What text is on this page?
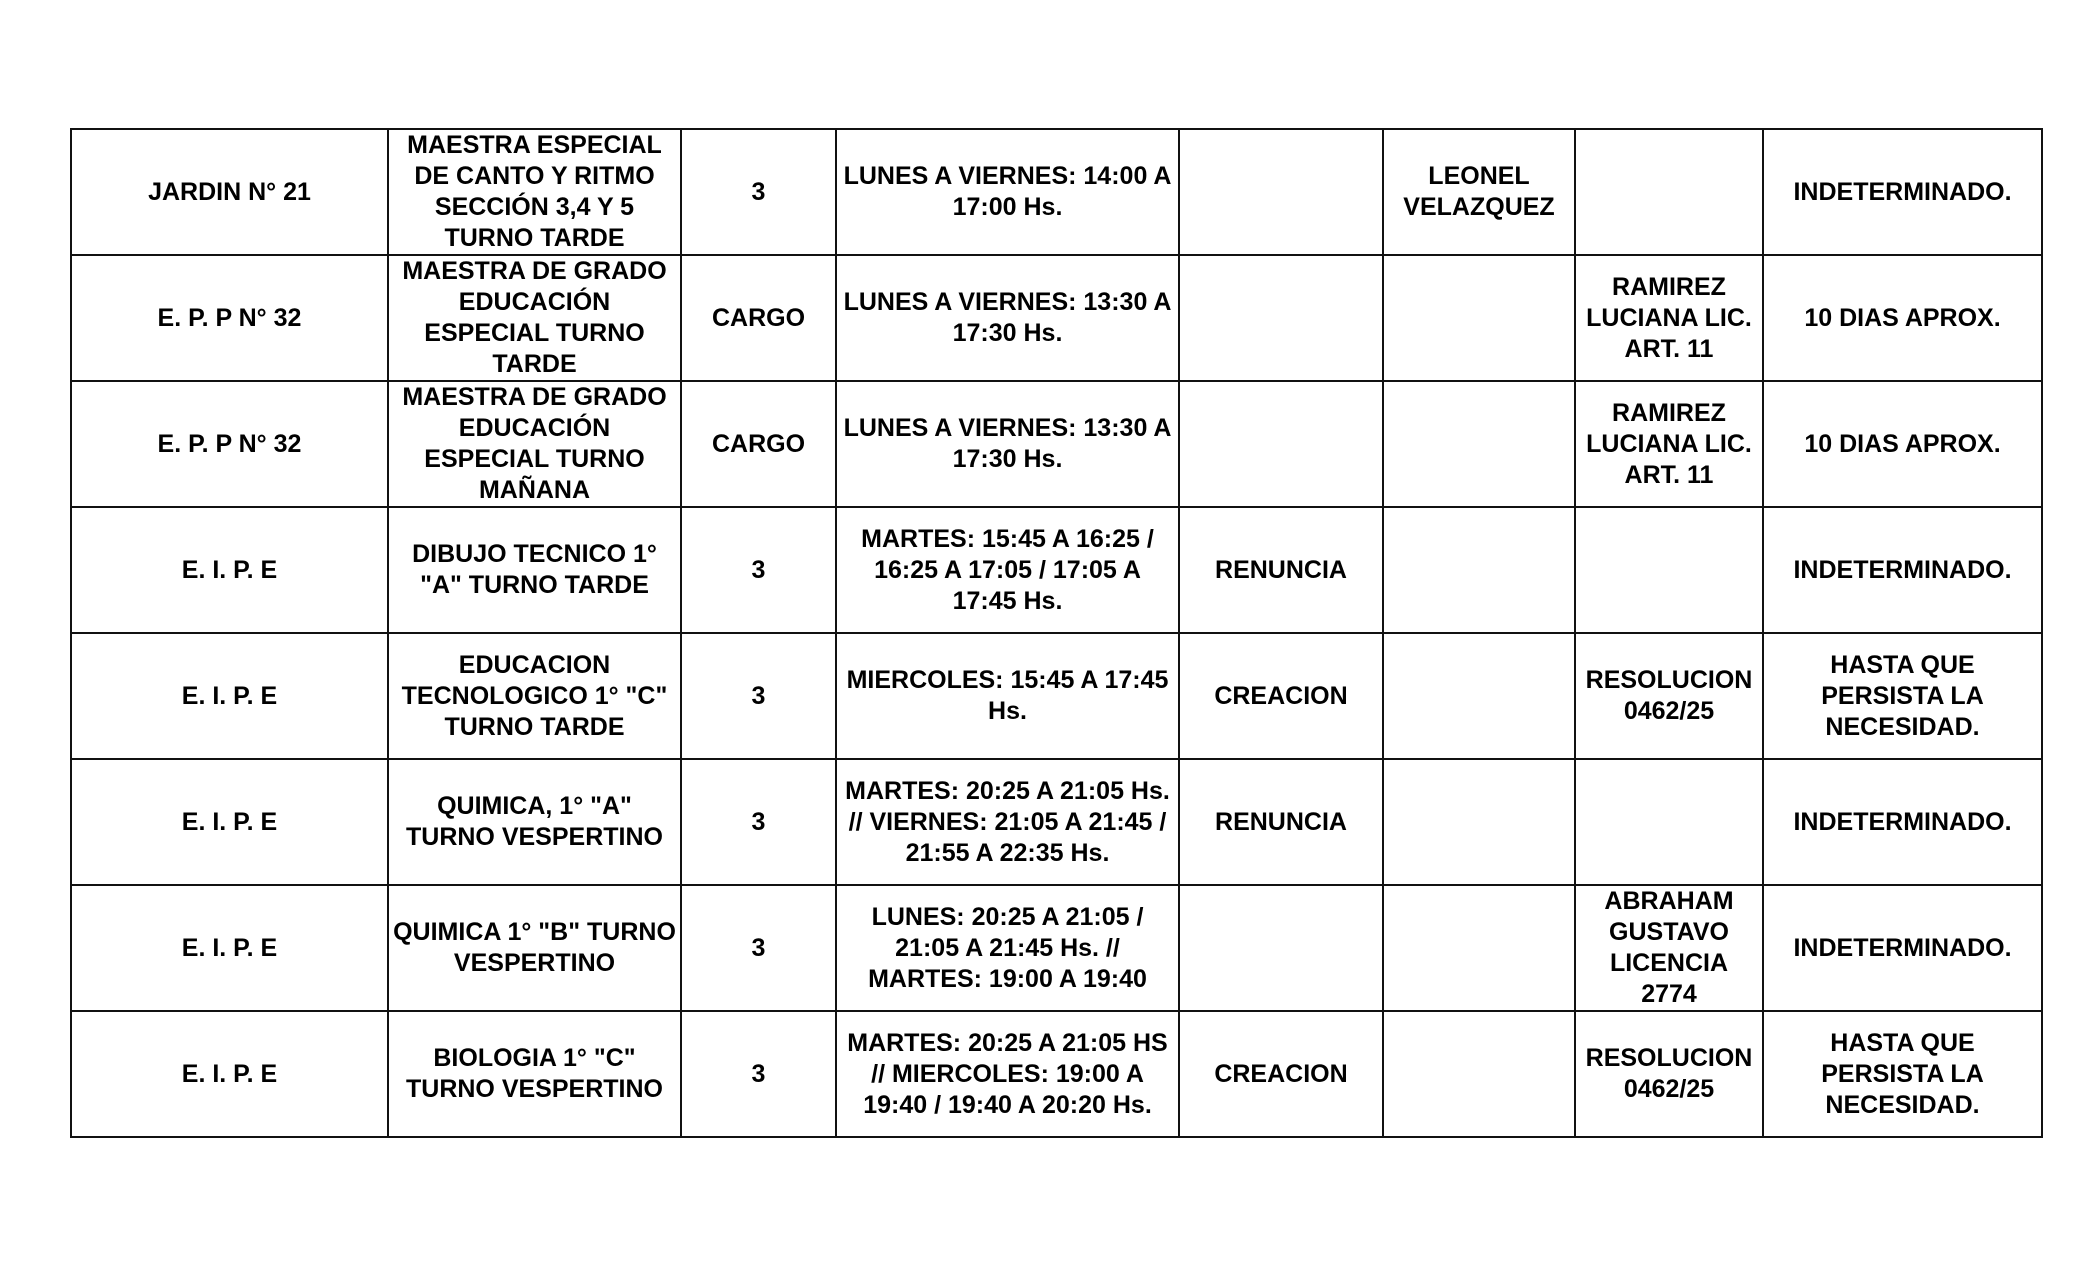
JARDIN N° 21	MAESTRA ESPECIAL DE CANTO Y RITMO SECCIÓN 3,4 Y 5 TURNO TARDE	3	LUNES A VIERNES: 14:00 A 17:00 Hs.		LEONEL VELAZQUEZ		INDETERMINADO.
E. P. P N° 32	MAESTRA DE GRADO EDUCACIÓN ESPECIAL TURNO TARDE	CARGO	LUNES A VIERNES: 13:30 A 17:30 Hs.			RAMIREZ LUCIANA LIC. ART. 11	10 DIAS APROX.
E. P. P N° 32	MAESTRA DE GRADO EDUCACIÓN ESPECIAL TURNO MAÑANA	CARGO	LUNES A VIERNES: 13:30 A 17:30 Hs.			RAMIREZ LUCIANA LIC. ART. 11	10 DIAS APROX.
E. I. P. E	DIBUJO TECNICO 1° "A" TURNO TARDE	3	MARTES: 15:45 A 16:25 / 16:25 A 17:05 / 17:05 A 17:45 Hs.	RENUNCIA			INDETERMINADO.
E. I. P. E	EDUCACION TECNOLOGICO 1° "C" TURNO TARDE	3	MIERCOLES: 15:45 A 17:45 Hs.	CREACION		RESOLUCION 0462/25	HASTA QUE PERSISTA LA NECESIDAD.
E. I. P. E	QUIMICA, 1° "A" TURNO VESPERTINO	3	MARTES: 20:25 A 21:05 Hs. // VIERNES: 21:05 A 21:45 / 21:55 A 22:35 Hs.	RENUNCIA			INDETERMINADO.
E. I. P. E	QUIMICA 1° "B" TURNO VESPERTINO	3	LUNES: 20:25 A 21:05 / 21:05 A 21:45 Hs. // MARTES: 19:00 A 19:40			ABRAHAM GUSTAVO LICENCIA 2774	INDETERMINADO.
E. I. P. E	BIOLOGIA 1° "C" TURNO VESPERTINO	3	MARTES: 20:25 A 21:05 HS // MIERCOLES: 19:00 A 19:40 / 19:40 A 20:20 Hs.	CREACION		RESOLUCION 0462/25	HASTA QUE PERSISTA LA NECESIDAD.
